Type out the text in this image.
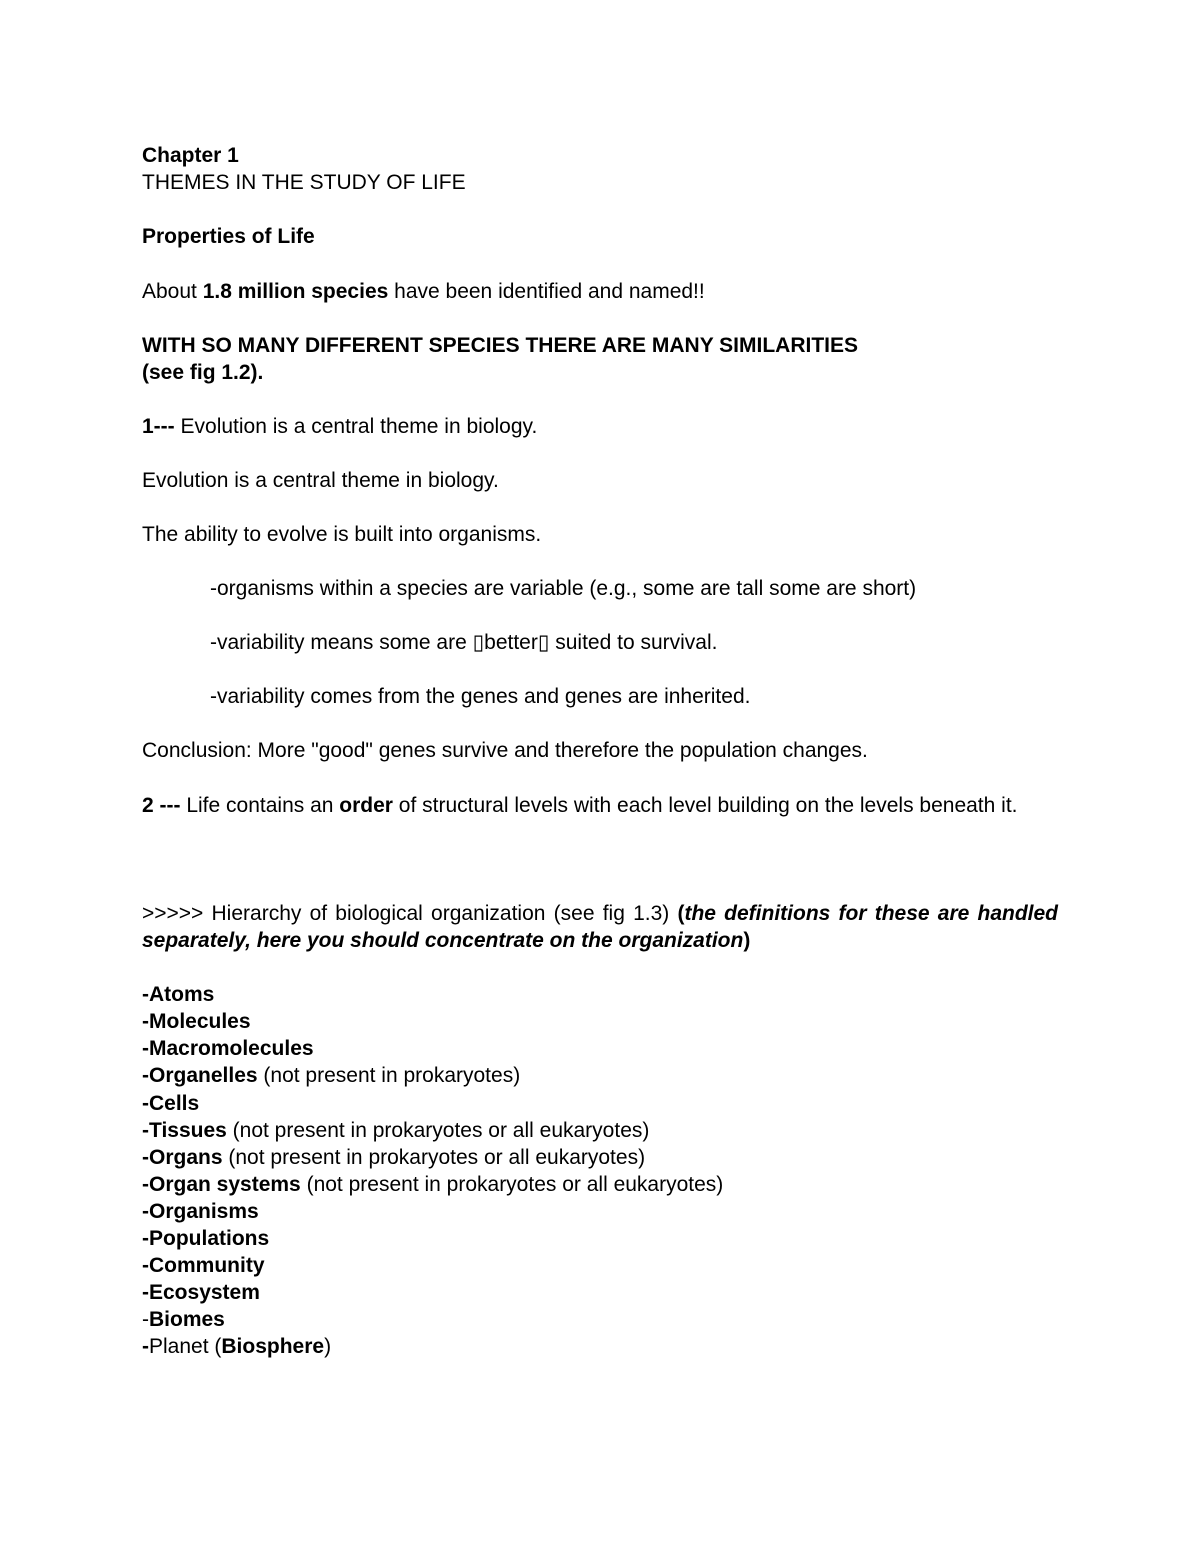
Chapter 1
THEMES IN THE STUDY OF LIFE
Properties of Life
About 1.8 million species have been identified and named!!
WITH SO MANY DIFFERENT SPECIES THERE ARE MANY SIMILARITIES
(see fig 1.2).
1--- Evolution is a central theme in biology.
Evolution is a central theme in biology.
The ability to evolve is built into organisms.
-organisms within a species are variable (e.g., some are tall some are short)
-variability means some are ▯better▯ suited to survival.
-variability comes from the genes and genes are inherited.
Conclusion: More "good" genes survive and therefore the population changes.
2 --- Life contains an order of structural levels with each level building on the levels beneath it.
>>>>> Hierarchy of biological organization (see fig 1.3) (the definitions for these are handled separately, here you should concentrate on the organization)
-Atoms
-Molecules
-Macromolecules
-Organelles (not present in prokaryotes)
-Cells
-Tissues (not present in prokaryotes or all eukaryotes)
-Organs (not present in prokaryotes or all eukaryotes)
-Organ systems (not present in prokaryotes or all eukaryotes)
-Organisms
-Populations
-Community
-Ecosystem
-Biomes
-Planet (Biosphere)
